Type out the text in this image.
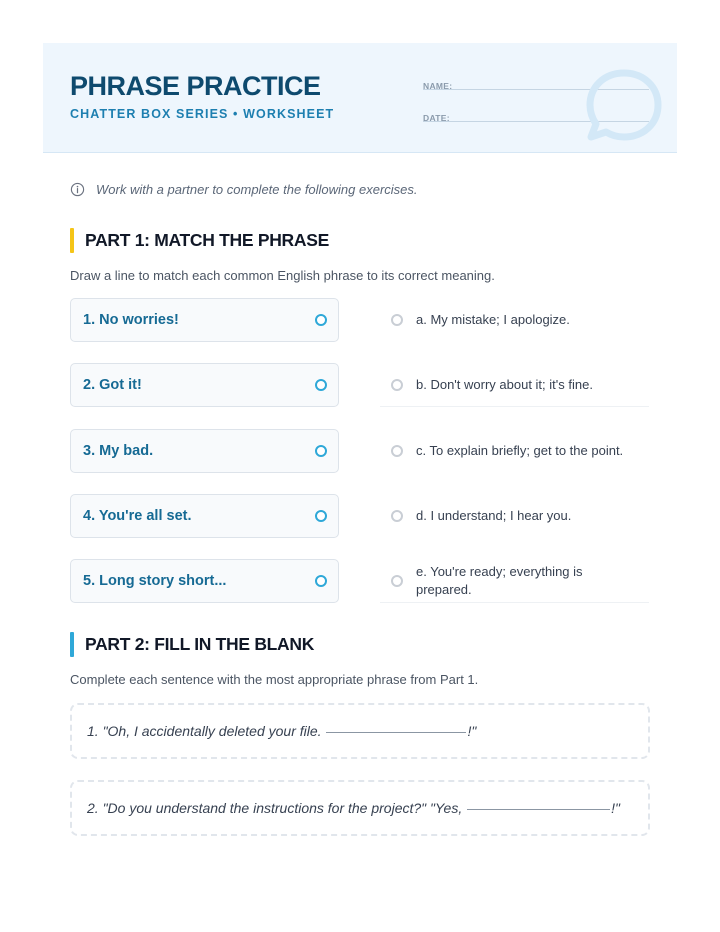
PHRASE PRACTICE
CHATTER BOX SERIES • WORKSHEET
NAME:
DATE:
Work with a partner to complete the following exercises.
PART 1: MATCH THE PHRASE
Draw a line to match each common English phrase to its correct meaning.
1. No worries!
2. Got it!
3. My bad.
4. You're all set.
5. Long story short...
a. My mistake; I apologize.
b. Don't worry about it; it's fine.
c. To explain briefly; get to the point.
d. I understand; I hear you.
e. You're ready; everything is prepared.
PART 2: FILL IN THE BLANK
Complete each sentence with the most appropriate phrase from Part 1.
1. "Oh, I accidentally deleted your file.	!"
2. "Do you understand the instructions for the project?" "Yes,	!"
